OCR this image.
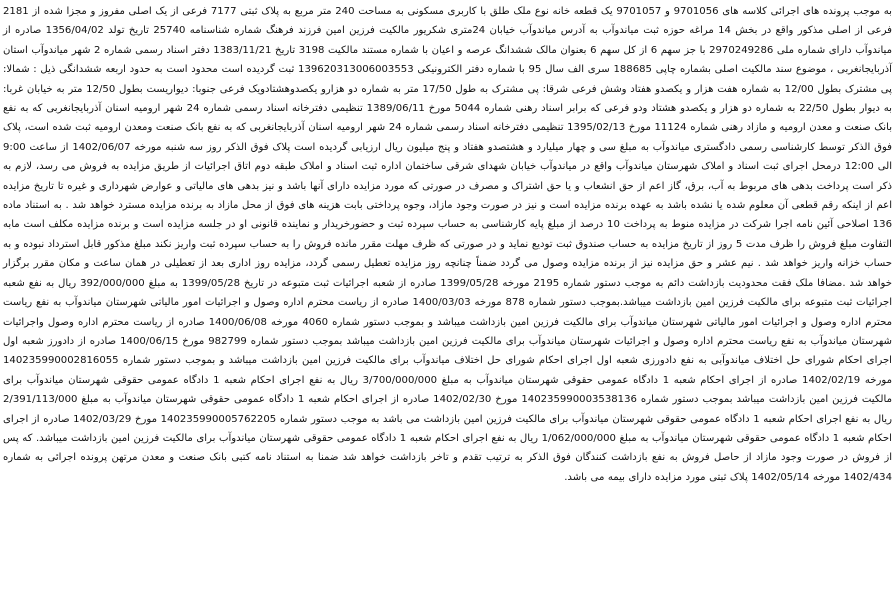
به موجب پرونده های اجرائی کلاسه های 9701056 و 9701057 یک قطعه خانه نوع ملک طلق با کاربری مسکونی به مساحت 240 متر مربع به پلاک ثبتی 7177 فرعی از یک اصلی مفروز و مجزا شده از 2181 فرعی از اصلی مذکور واقع در بخش 14 مراغه حوزه ثبت میاندوآب به آدرس میاندوآب خیابان 24متری شکریور مالکیت فرزین امین فرزند فرهنگ شماره شناسنامه 25740 تاریخ تولد 1356/04/02 صادره از میاندوآب دارای شماره ملی 2970249286 با جز سهم 6 از کل سهم 6 بعنوان مالک ششدانگ عرصه و اعیان با شماره مستند مالکیت 3198 تاریخ 1383/11/21 دفتر اسناد رسمی شماره 2 شهر میاندوآب استان آذربایجانغربی ، موضوع سند مالکیت اصلی بشماره چاپی 188685 سری الف سال 95 با شماره دفتر الکترونیکی 139620313006003553 ثبت گردیده است محدود است به حدود اربعه ششدانگی ذیل : شمالا: پی مشترک بطول 12/00 به شماره هفت هزار و یکصدو هفتاد وشش فرعی شرقا: پی مشترک به طول 17/50 متر به شماره دو هزارو یکصدوهشتادویک فرعی جنوبا: دیواریست بطول 12/50 متر به خیابان غربا: به دیوار بطول 22/50 به شماره دو هزار و یکصدو هشتاد ودو فرعی که برابر اسناد رهنی شماره 5044 مورخ 1389/06/11 تنظیمی دفترخانه اسناد رسمی شماره 24 شهر ارومیه اسنان آذربایجانغربی که به نفع بانک صنعت و معدن ارومیه و مازاد رهنی شماره 11124 مورخ 1395/02/13 تنظیمی دفترخانه اسناد رسمی شماره 24 شهر ارومیه اسنان آذربایجانغربی که به نفع بانک صنعت ومعدن ارومیه ثبت شده است، پلاک فوق الذکر توسط کارشناسی رسمی دادگستری میاندوآب به مبلغ سی و چهار میلیارد و هشتصدو هفتاد و پنج میلیون ریال ارزیابی گردیده است پلاک فوق الذکر روز سه شنبه مورخه 1402/06/07 از ساعت 9:00 الی 12:00 درمحل اجرای ثبت اسناد و املاک شهرستان میاندوآب واقع در میاندوآب خیابان شهدای شرقی ساختمان اداره ثبت اسناد و املاک طبقه دوم اتاق اجرائیات از طریق مزایده به فروش می رسد، لازم به ذکر است پرداخت بدهی های مربوط به آب، برق، گاز اعم از حق انشعاب و یا حق اشتراک و مصرف در صورتی که مورد مزایده دارای آنها باشد و نیز بدهی های مالیاتی و عوارض شهرداری و غیره تا تاریخ مزایده اعم از اینکه رقم قطعی آن معلوم شده یا نشده باشد به عهده برنده مزایده است و نیز در صورت وجود مازاد، وجوه پرداختی بابت هزینه های فوق از محل مازاد به برنده مزایده مسترد خواهد شد . به استناد ماده 136 اصلاحی آئین نامه اجرا شرکت در مزایده منوط به پرداخت 10 درصد از مبلغ پایه کارشناسی به حساب سپرده ثبت و حضورخریدار و نماینده قانونی او در جلسه مزایده است و برنده مزایده مکلف است مابه التفاوت مبلغ فروش را ظرف مدت 5 روز از تاریخ مزایده به حساب صندوق ثبت تودیع نماید و در صورتی که ظرف مهلت مقرر مانده فروش را به حساب سپرده ثبت واریز نکند مبلغ مذکور قابل استرداد نبوده و به حساب خزانه واریز خواهد شد . نیم عشر و حق مزایده نیز از برنده مزایده وصول می گردد ضمناً چنانچه روز مزایده تعطیل رسمی گردد، مزایده روز اداری بعد از تعطیلی در همان ساعت و مکان مقرر برگزار خواهد شد .مضافا ملک فقت محدودیت بازداشت دائم به موجب دستور شماره 2195 مورخه 1399/05/28 صادره از شعبه اجرائیات ثبت متبوعه در تاریخ 1399/05/28 به مبلغ 392/000/000 ریال به نفع شعبه اجرائیات ثبت متبوعه برای مالکیت فرزین امین بازداشت میباشد.بموجب دستور شماره 878 مورخه 1400/03/03 صادره از ریاست محترم اداره وصول و اجرائیات امور مالیاتی شهرستان میاندوآب به نفع ریاست محترم اداره وصول و اجرائیات امور مالیاتی شهرستان میاندوآب برای مالکیت فرزین امین بازداشت میباشد و بموجب دستور شماره 4060 مورخه 1400/06/08 صادره از ریاست محترم اداره وصول واجرائیات شهرستان میاندوآب به نفع ریاست محترم اداره وصول و اجرائیات شهرستان میاندوآب برای مالکیت فرزین امین بازداشت میباشد بموجب دستور شماره 982799 مورخ 1400/06/15 صادره از دادورز شعبه اول اجرای احکام شورای حل اختلاف میاندوآبی به نفع دادورزی شعبه اول اجرای احکام شورای حل اختلاف میاندوآب برای مالکیت فرزین امین بازداشت میباشد و بموجب دستور شماره 140235990002816055 مورخه 1402/02/19 صادره از اجرای احکام شعبه 1 دادگاه عمومی حقوقی شهرستان میاندوآب به مبلغ 3/700/000/000 ریال به نفع اجرای احکام شعبه 1 دادگاه عمومی حقوقی شهرستان میاندوآب برای مالکیت فرزین امین بازداشت میباشد بموجب دستور شماره 140235990003538136 مورخ 1402/02/30 صادره از اجرای احکام شعبه 1 دادگاه عمومی حقوقی شهرستان میاندوآب به مبلغ 2/391/113/000 ریال به نفع اجرای احکام شعبه 1 دادگاه عمومی حقوقی شهرستان میاندوآب برای مالکیت فرزین امین بازداشت می باشد به موجب دستور شماره 140235990005762205 مورخ 1402/03/29 صادره از اجرای احکام شعبه 1 دادگاه عمومی حقوقی شهرستان میاندوآب به مبلغ 1/062/000/000 ریال به نفع اجرای احکام شعبه 1 دادگاه عمومی حقوقی شهرستان میاندوآب برای مالکیت فرزین امین بازداشت میباشد. که پس از فروش در صورت وجود مازاد از حاصل فروش به نفع بازداشت کنندگان فوق الذکر به ترتیب تقدم و تاخر بازداشت خواهد شد ضمنا به استناد نامه کتبی بانک صنعت و معدن مرتهن پرونده اجرائی به شماره 1402/434 مورخه 1402/05/14 پلاک ثبتی مورد مزایده دارای بیمه می باشد.
